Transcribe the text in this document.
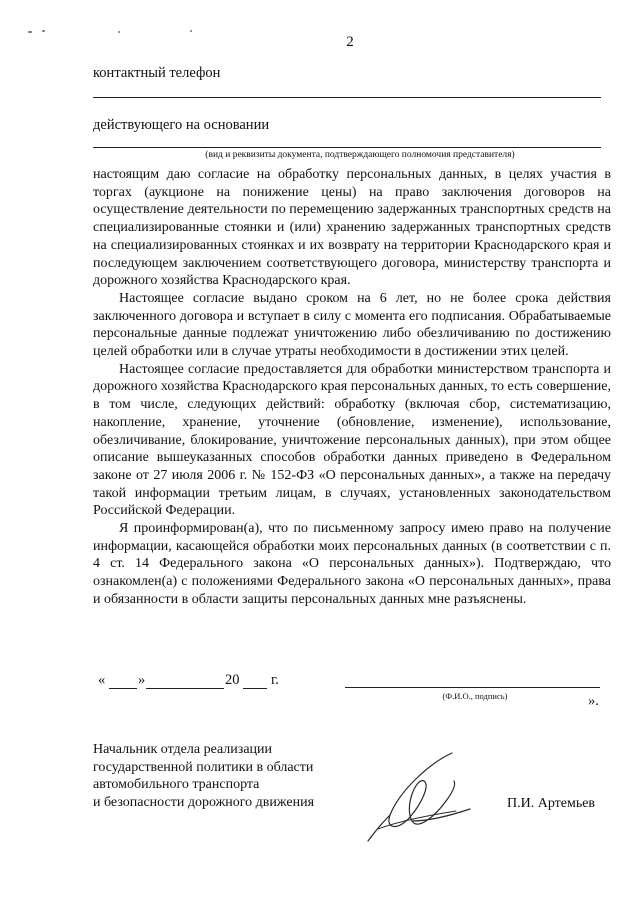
2
контактный телефон
действующего на основании
(вид и реквизиты документа, подтверждающего полномочия представителя)

настоящим даю согласие на обработку персональных данных, в целях участия в торгах (аукционе на понижение цены) на право заключения договоров на осуществление деятельности по перемещению задержанных транспортных средств на специализированные стоянки и (или) хранению задержанных транспортных средств на специализированных стоянках и их возврату на территории Краснодарского края и последующем заключением соответствующего договора, министерству транспорта и дорожного хозяйства Краснодарского края.

Настоящее согласие выдано сроком на 6 лет, но не более срока действия заключенного договора и вступает в силу с момента его подписания. Обрабатываемые персональные данные подлежат уничтожению либо обезличиванию по достижению целей обработки или в случае утраты необходимости в достижении этих целей.

Настоящее согласие предоставляется для обработки министерством транспорта и дорожного хозяйства Краснодарского края персональных данных, то есть совершение, в том числе, следующих действий: обработку (включая сбор, систематизацию, накопление, хранение, уточнение (обновление, изменение), использование, обезличивание, блокирование, уничтожение персональных данных), при этом общее описание вышеуказанных способов обработки данных приведено в Федеральном законе от 27 июля 2006 г. № 152-ФЗ «О персональных данных», а также на передачу такой информации третьим лицам, в случаях, установленных законодательством Российской Федерации.

Я проинформирован(а), что по письменному запросу имею право на получение информации, касающейся обработки моих персональных данных (в соответствии с п. 4 ст. 14 Федерального закона «О персональных данных»). Подтверждаю, что ознакомлен(а) с положениями Федерального закона «О персональных данных», права и обязанности в области защиты персональных данных мне разъяснены.

« »	20 г.
(Ф.И.О., подпись)	».
Начальник отдела реализации
государственной политики в области
автомобильного транспорта
и безопасности дорожного движения	П.И. Артемьев
